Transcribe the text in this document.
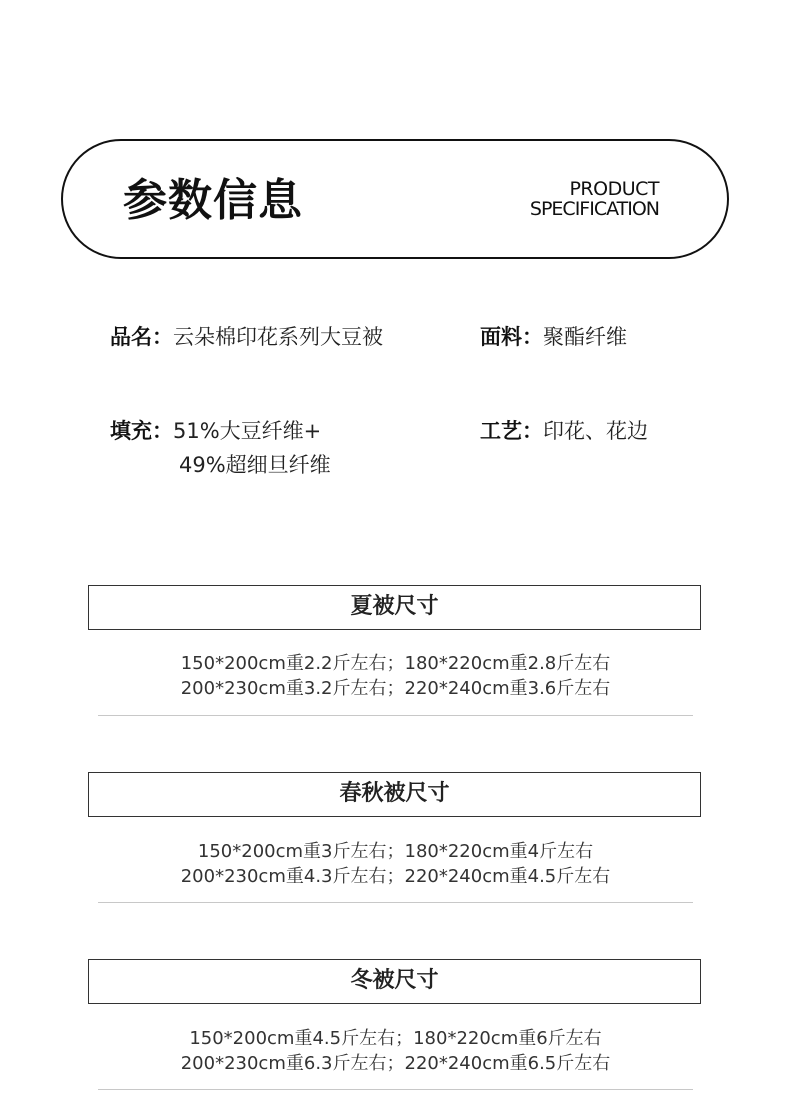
参数信息	PRODUCT
SPECIFICATION
品名：云朵棉印花系列大豆被	面料：聚酯纤维
填充：51%大豆纤维+
49%超细旦纤维
工艺：印花、花边
夏被尺寸
150*200cm重2.2斤左右；180*220cm重2.8斤左右
200*230cm重3.2斤左右；220*240cm重3.6斤左右
春秋被尺寸
150*200cm重3斤左右；180*220cm重4斤左右
200*230cm重4.3斤左右；220*240cm重4.5斤左右
冬被尺寸
150*200cm重4.5斤左右；180*220cm重6斤左右
200*230cm重6.3斤左右；220*240cm重6.5斤左右
